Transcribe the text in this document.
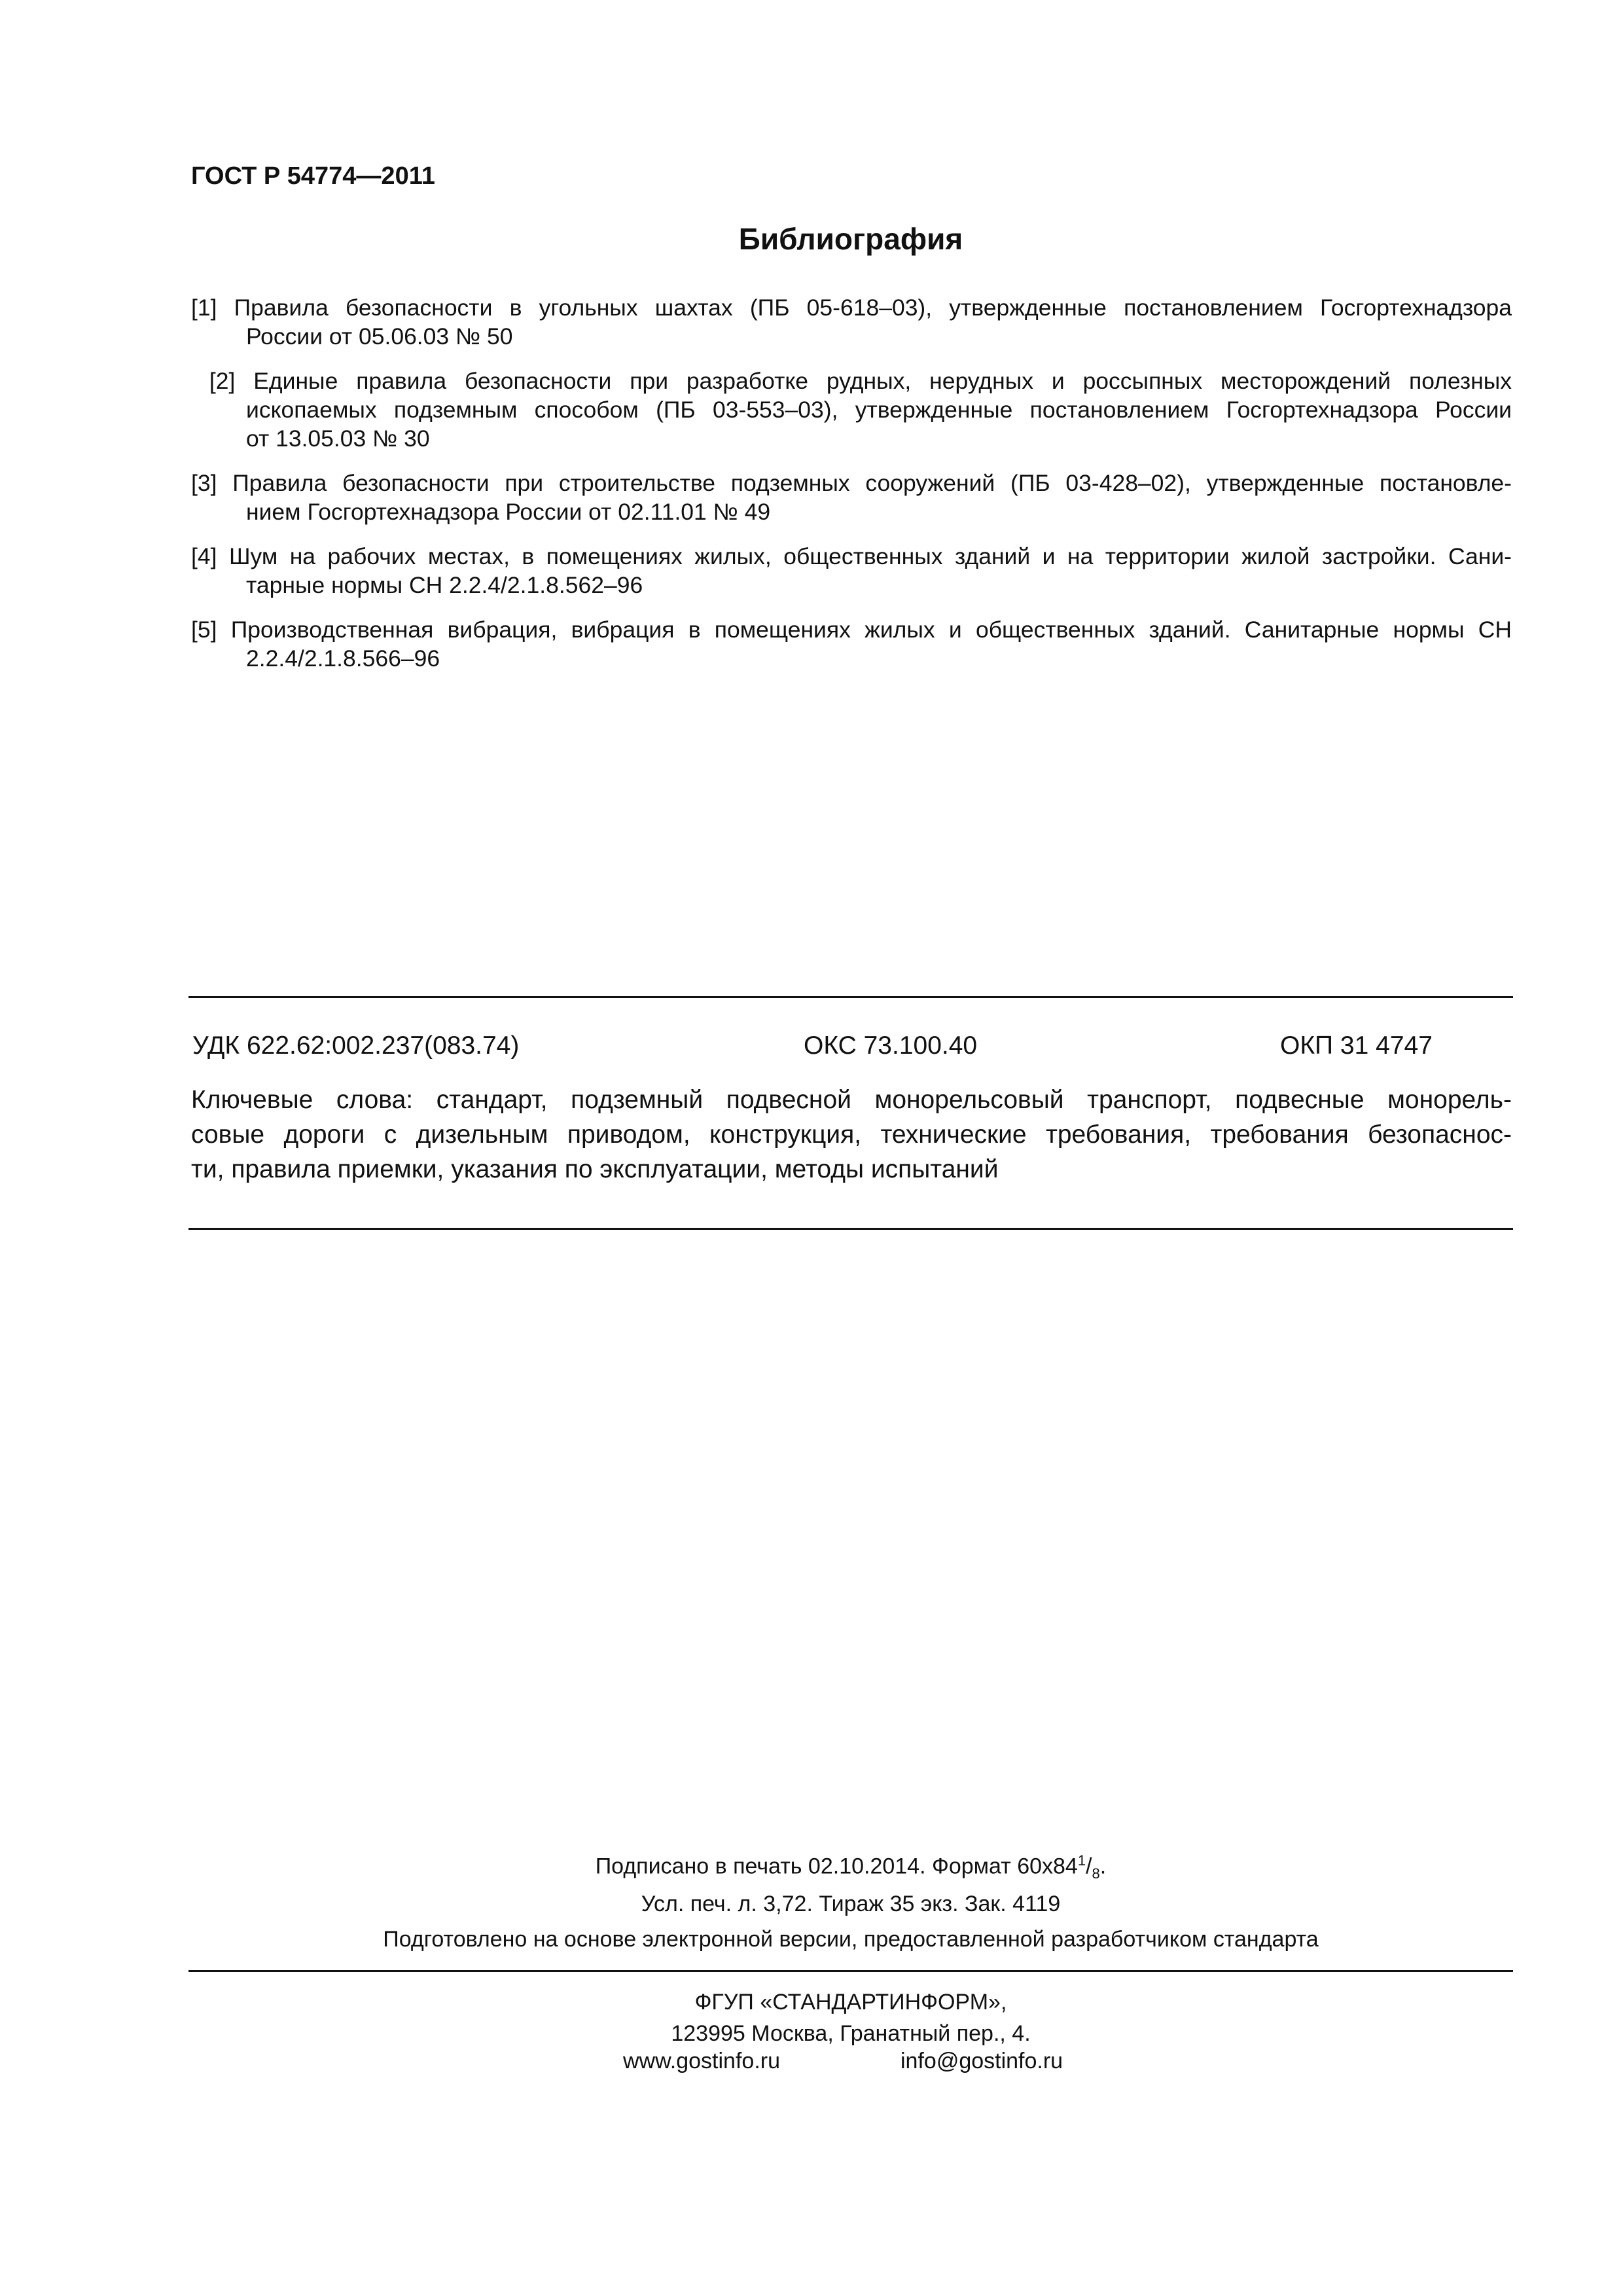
ГОСТ Р 54774—2011
Библиография
[1] Правила безопасности в угольных шахтах (ПБ 05-618–03), утвержденные постановлением Госгортехнадзора
России от 05.06.03 № 50
[2] Единые правила безопасности при разработке рудных, нерудных и россыпных месторождений полезных
ископаемых подземным способом (ПБ 03-553–03), утвержденные постановлением Госгортехнадзора России
от 13.05.03 № 30
[3] Правила безопасности при строительстве подземных сооружений (ПБ 03-428–02), утвержденные постановле-
нием Госгортехнадзора России от 02.11.01 № 49
[4] Шум на рабочих местах, в помещениях жилых, общественных зданий и на территории жилой застройки. Сани-
тарные нормы СН 2.2.4/2.1.8.562–96
[5] Производственная вибрация, вибрация в помещениях жилых и общественных зданий. Санитарные нормы СН
2.2.4/2.1.8.566–96
УДК 622.62:002.237(083.74)	ОКС 73.100.40	ОКП 31 4747
Ключевые слова: стандарт, подземный подвесной монорельсовый транспорт, подвесные монорель-
совые дороги с дизельным приводом, конструкция, технические требования, требования безопаснос-
ти, правила приемки, указания по эксплуатации, методы испытаний
Подписано в печать 02.10.2014. Формат $60x84^1/_8$.
Усл. печ. л. 3,72. Тираж 35 экз. Зак. 4119
Подготовлено на основе электронной версии, предоставленной разработчиком стандарта
ФГУП «СТАНДАРТИНФОРМ»,
123995 Москва, Гранатный пер., 4.
www.gostinfo.ru	info@gostinfo.ru
